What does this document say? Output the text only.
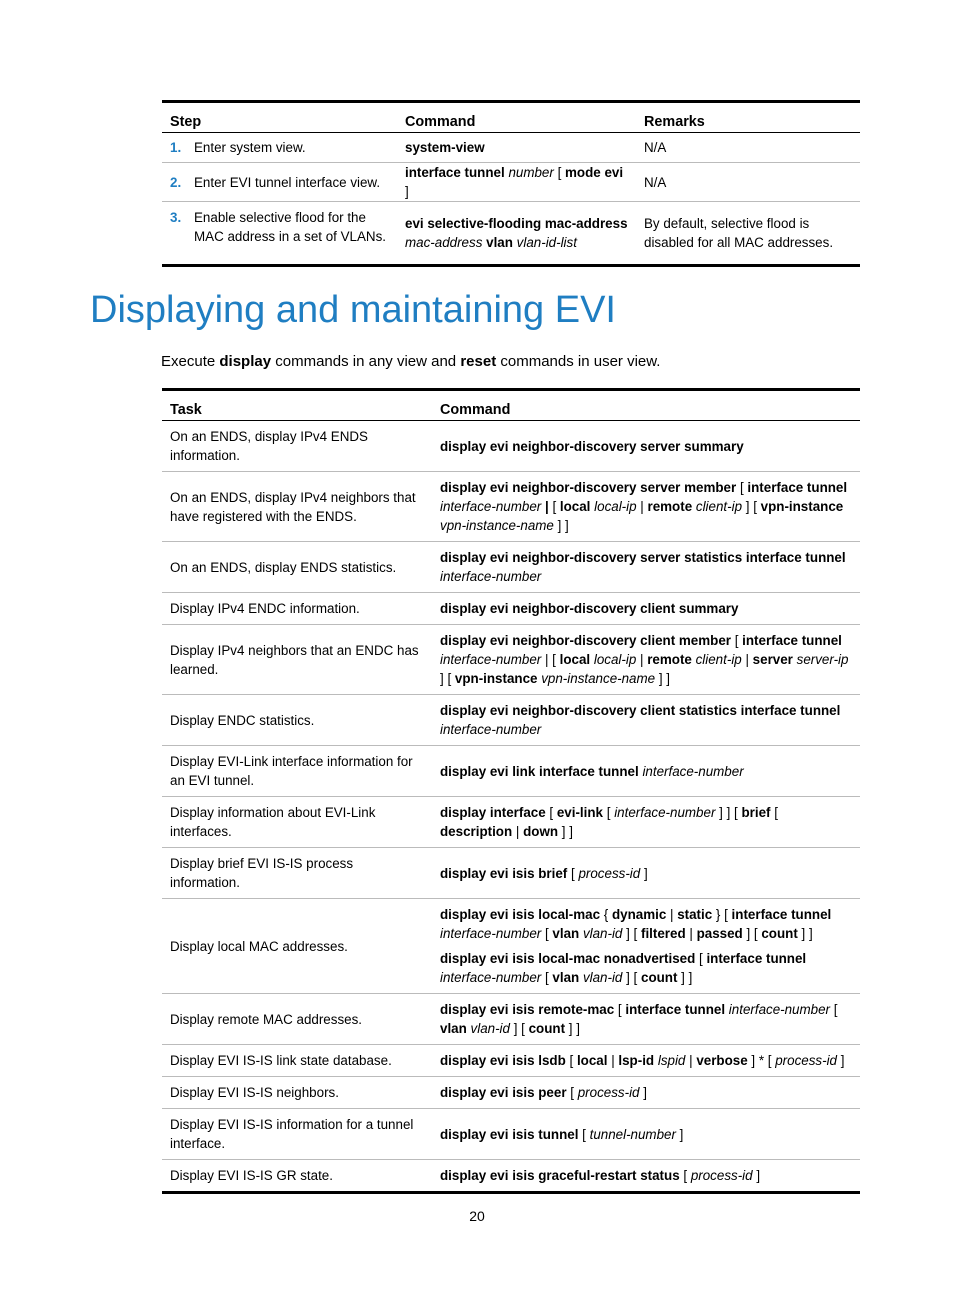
Step		Command	Remarks
1.	Enter system view.	system-view	N/A
2.	Enter EVI tunnel interface view.	interface tunnel number [ mode evi ]	N/A
3.	Enable selective flood for the MAC address in a set of VLANs.	evi selective-flooding mac-address mac-address vlan vlan-id-list	By default, selective flood is disabled for all MAC addresses.
Displaying and maintaining EVI
Execute display commands in any view and reset commands in user view.
Task	Command
On an ENDS, display IPv4 ENDS information.	display evi neighbor-discovery server summary

On an ENDS, display IPv4 neighbors that have registered with the ENDS.	display evi neighbor-discovery server member [ interface tunnel interface-number | [ local local-ip | remote client-ip ] [ vpn-instance vpn-instance-name ] ]

On an ENDS, display ENDS statistics.	display evi neighbor-discovery server statistics interface tunnel interface-number

Display IPv4 ENDC information.	display evi neighbor-discovery client summary

Display IPv4 neighbors that an ENDC has learned.	display evi neighbor-discovery client member [ interface tunnel interface-number | [ local local-ip | remote client-ip | server server-ip ] [ vpn-instance vpn-instance-name ] ]

Display ENDC statistics.	display evi neighbor-discovery client statistics interface tunnel interface-number

Display EVI-Link interface information for an EVI tunnel.	display evi link interface tunnel interface-number

Display information about EVI-Link interfaces.	display interface [ evi-link [ interface-number ] ] [ brief [ description | down ] ]

Display brief EVI IS-IS process information.	display evi isis brief [ process-id ]

Display local MAC addresses.	display evi isis local-mac { dynamic | static } [ interface tunnel interface-number [ vlan vlan-id ] [ filtered | passed ] [ count ] ]
display evi isis local-mac nonadvertised [ interface tunnel interface-number [ vlan vlan-id ] [ count ] ]

Display remote MAC addresses.	display evi isis remote-mac [ interface tunnel interface-number [ vlan vlan-id ] [ count ] ]

Display EVI IS-IS link state database.	display evi isis lsdb [ local | lsp-id lspid | verbose ] * [ process-id ]

Display EVI IS-IS neighbors.	display evi isis peer [ process-id ]

Display EVI IS-IS information for a tunnel interface.	display evi isis tunnel [ tunnel-number ]

Display EVI IS-IS GR state.	display evi isis graceful-restart status [ process-id ]
20
